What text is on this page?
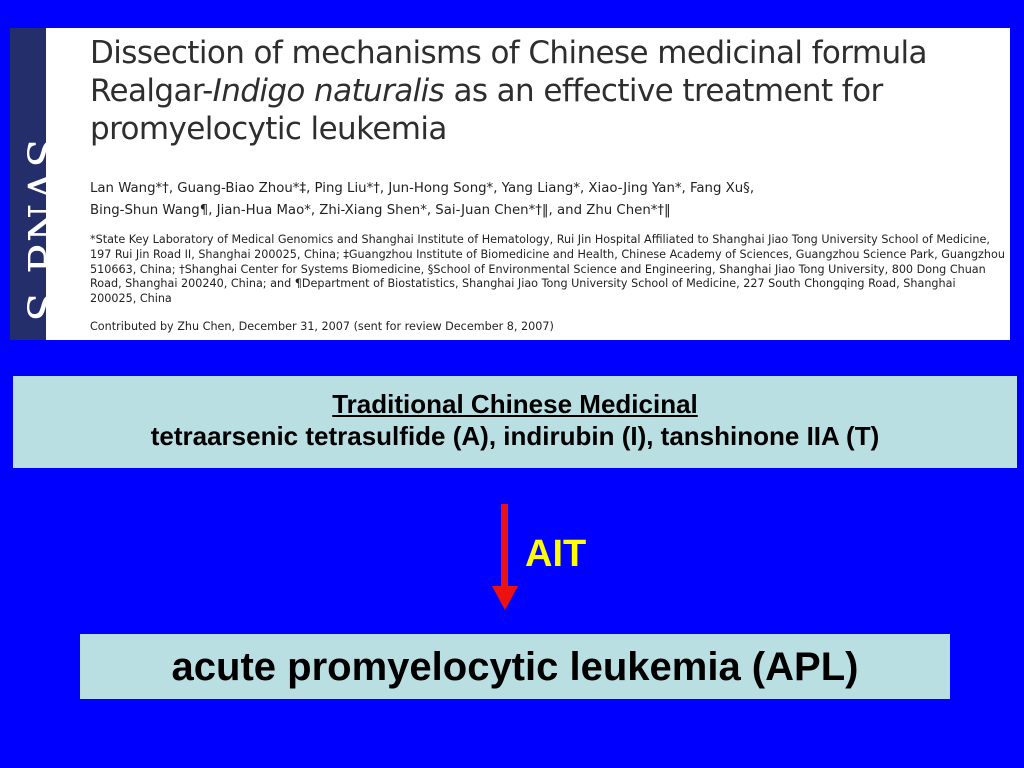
S PNAS
Dissection of mechanisms of Chinese medicinal formula Realgar-Indigo naturalis as an effective treatment for promyelocytic leukemia
Lan Wang*†, Guang-Biao Zhou*‡, Ping Liu*†, Jun-Hong Song*, Yang Liang*, Xiao-Jing Yan*, Fang Xu§,
Bing-Shun Wang¶, Jian-Hua Mao*, Zhi-Xiang Shen*, Sai-Juan Chen*†‖, and Zhu Chen*†‖
*State Key Laboratory of Medical Genomics and Shanghai Institute of Hematology, Rui Jin Hospital Affiliated to Shanghai Jiao Tong University School of Medicine, 197 Rui Jin Road II, Shanghai 200025, China; ‡Guangzhou Institute of Biomedicine and Health, Chinese Academy of Sciences, Guangzhou Science Park, Guangzhou 510663, China; †Shanghai Center for Systems Biomedicine, §School of Environmental Science and Engineering, Shanghai Jiao Tong University, 800 Dong Chuan Road, Shanghai 200240, China; and ¶Department of Biostatistics, Shanghai Jiao Tong University School of Medicine, 227 South Chongqing Road, Shanghai 200025, China
Contributed by Zhu Chen, December 31, 2007 (sent for review December 8, 2007)
Traditional Chinese Medicinal
tetraarsenic tetrasulfide (A), indirubin (I), tanshinone IIA (T)
AIT
acute promyelocytic leukemia (APL)
